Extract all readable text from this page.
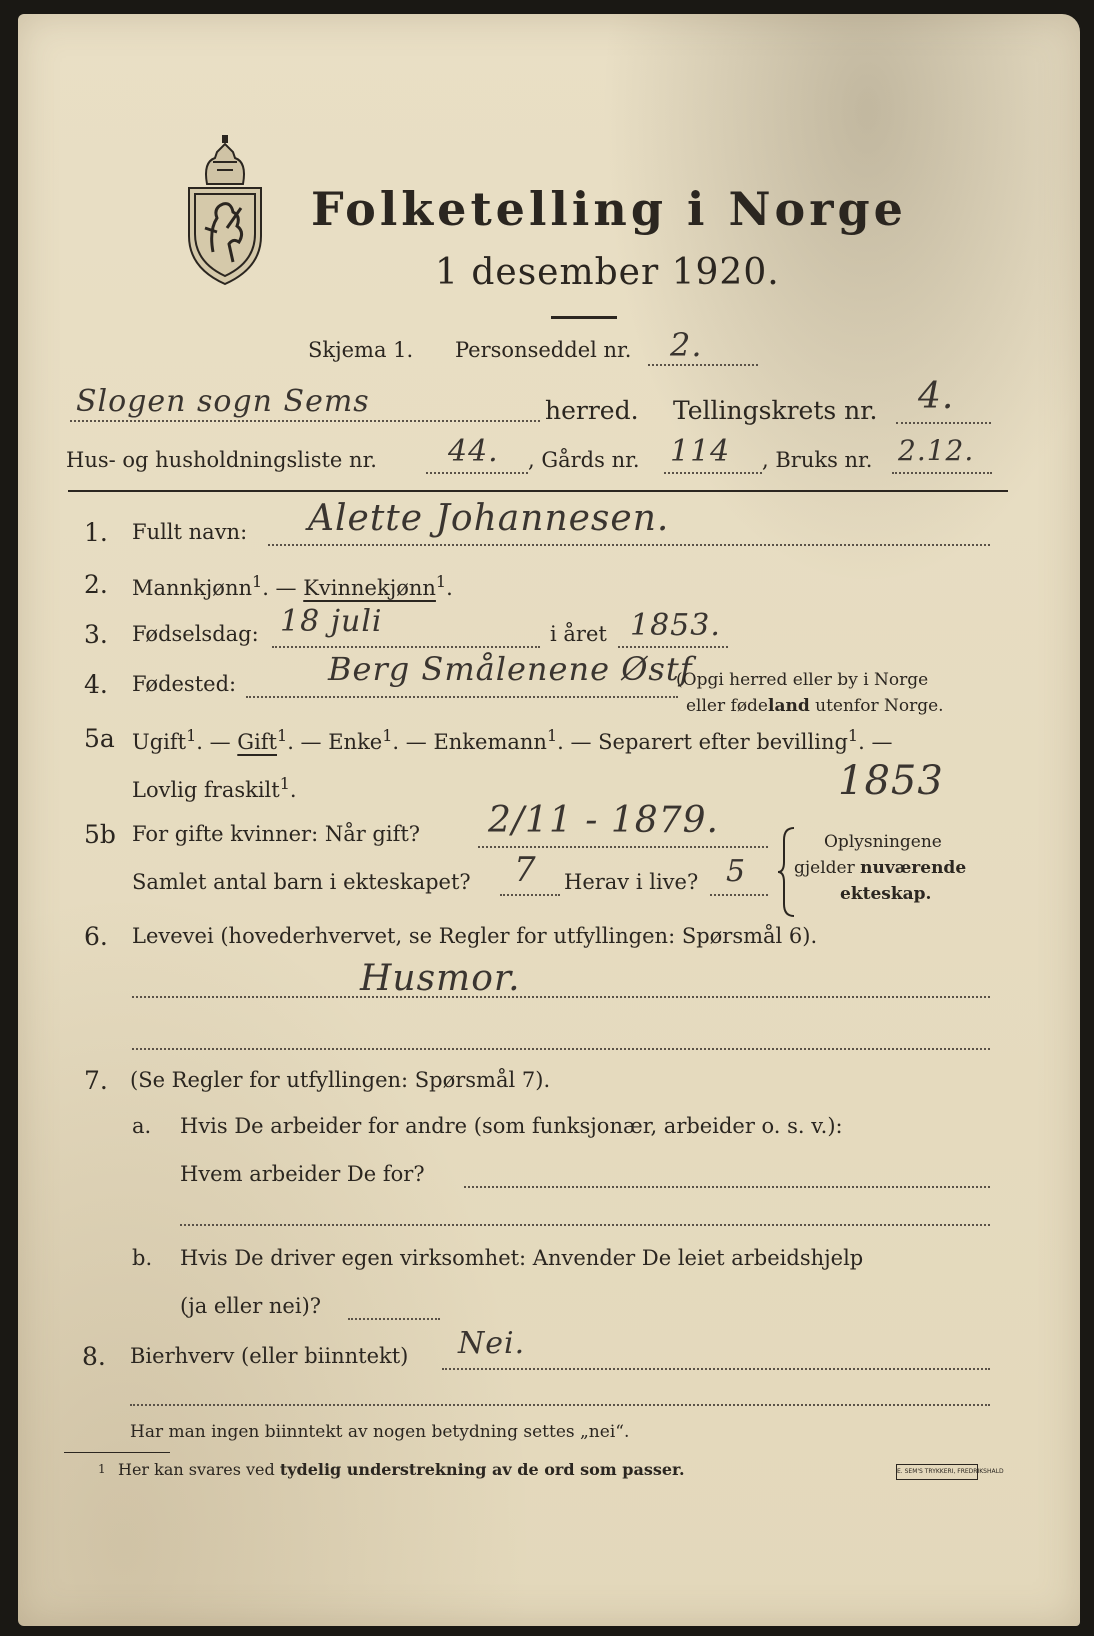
Folketelling i Norge
1 desember 1920.
Skjema 1. Personseddel nr. 2.
Slogen sogn Sems	herred. Tellingskrets nr. 4.
Hus- og husholdningsliste nr. 44. , Gårds nr. 114 , Bruks nr. 2.12.
1. Fullt navn: Alette Johannesen.
2. Mannkjønn$^1$. — Kvinnekjønn$^1$.
3. Fødselsdag: 18 juli	i året 1853.
4. Fødested:	Berg Smålenene Østf
(Opgi herred eller by i Norge
eller fødeland utenfor Norge.
5a Ugift$^1$. — Gift$^1$. — Enke$^1$. — Enkemann$^1$. — Separert efter bevilling$^1$. —
Lovlig fraskilt$^1$.	1853
5b For gifte kvinner: Når gift? 2/11 - 1879.
Samlet antal barn i ekteskapet? 7 Herav i live? 5
Oplysningene
gjelder nuværende
ekteskap.
6. Levevei (hovederhvervet, se Regler for utfyllingen: Spørsmål 6).
Husmor.
7. (Se Regler for utfyllingen: Spørsmål 7).
a. Hvis De arbeider for andre (som funksjonær, arbeider o. s. v.):
Hvem arbeider De for?
b. Hvis De driver egen virksomhet: Anvender De leiet arbeidshjelp
(ja eller nei)?
8. Bierhverv (eller biinntekt) Nei.
Har man ingen biinntekt av nogen betydning settes „nei“.
1 Her kan svares ved tydelig understrekning av de ord som passer.	E. SEM'S TRYKKERI, FREDRIKSHALD
